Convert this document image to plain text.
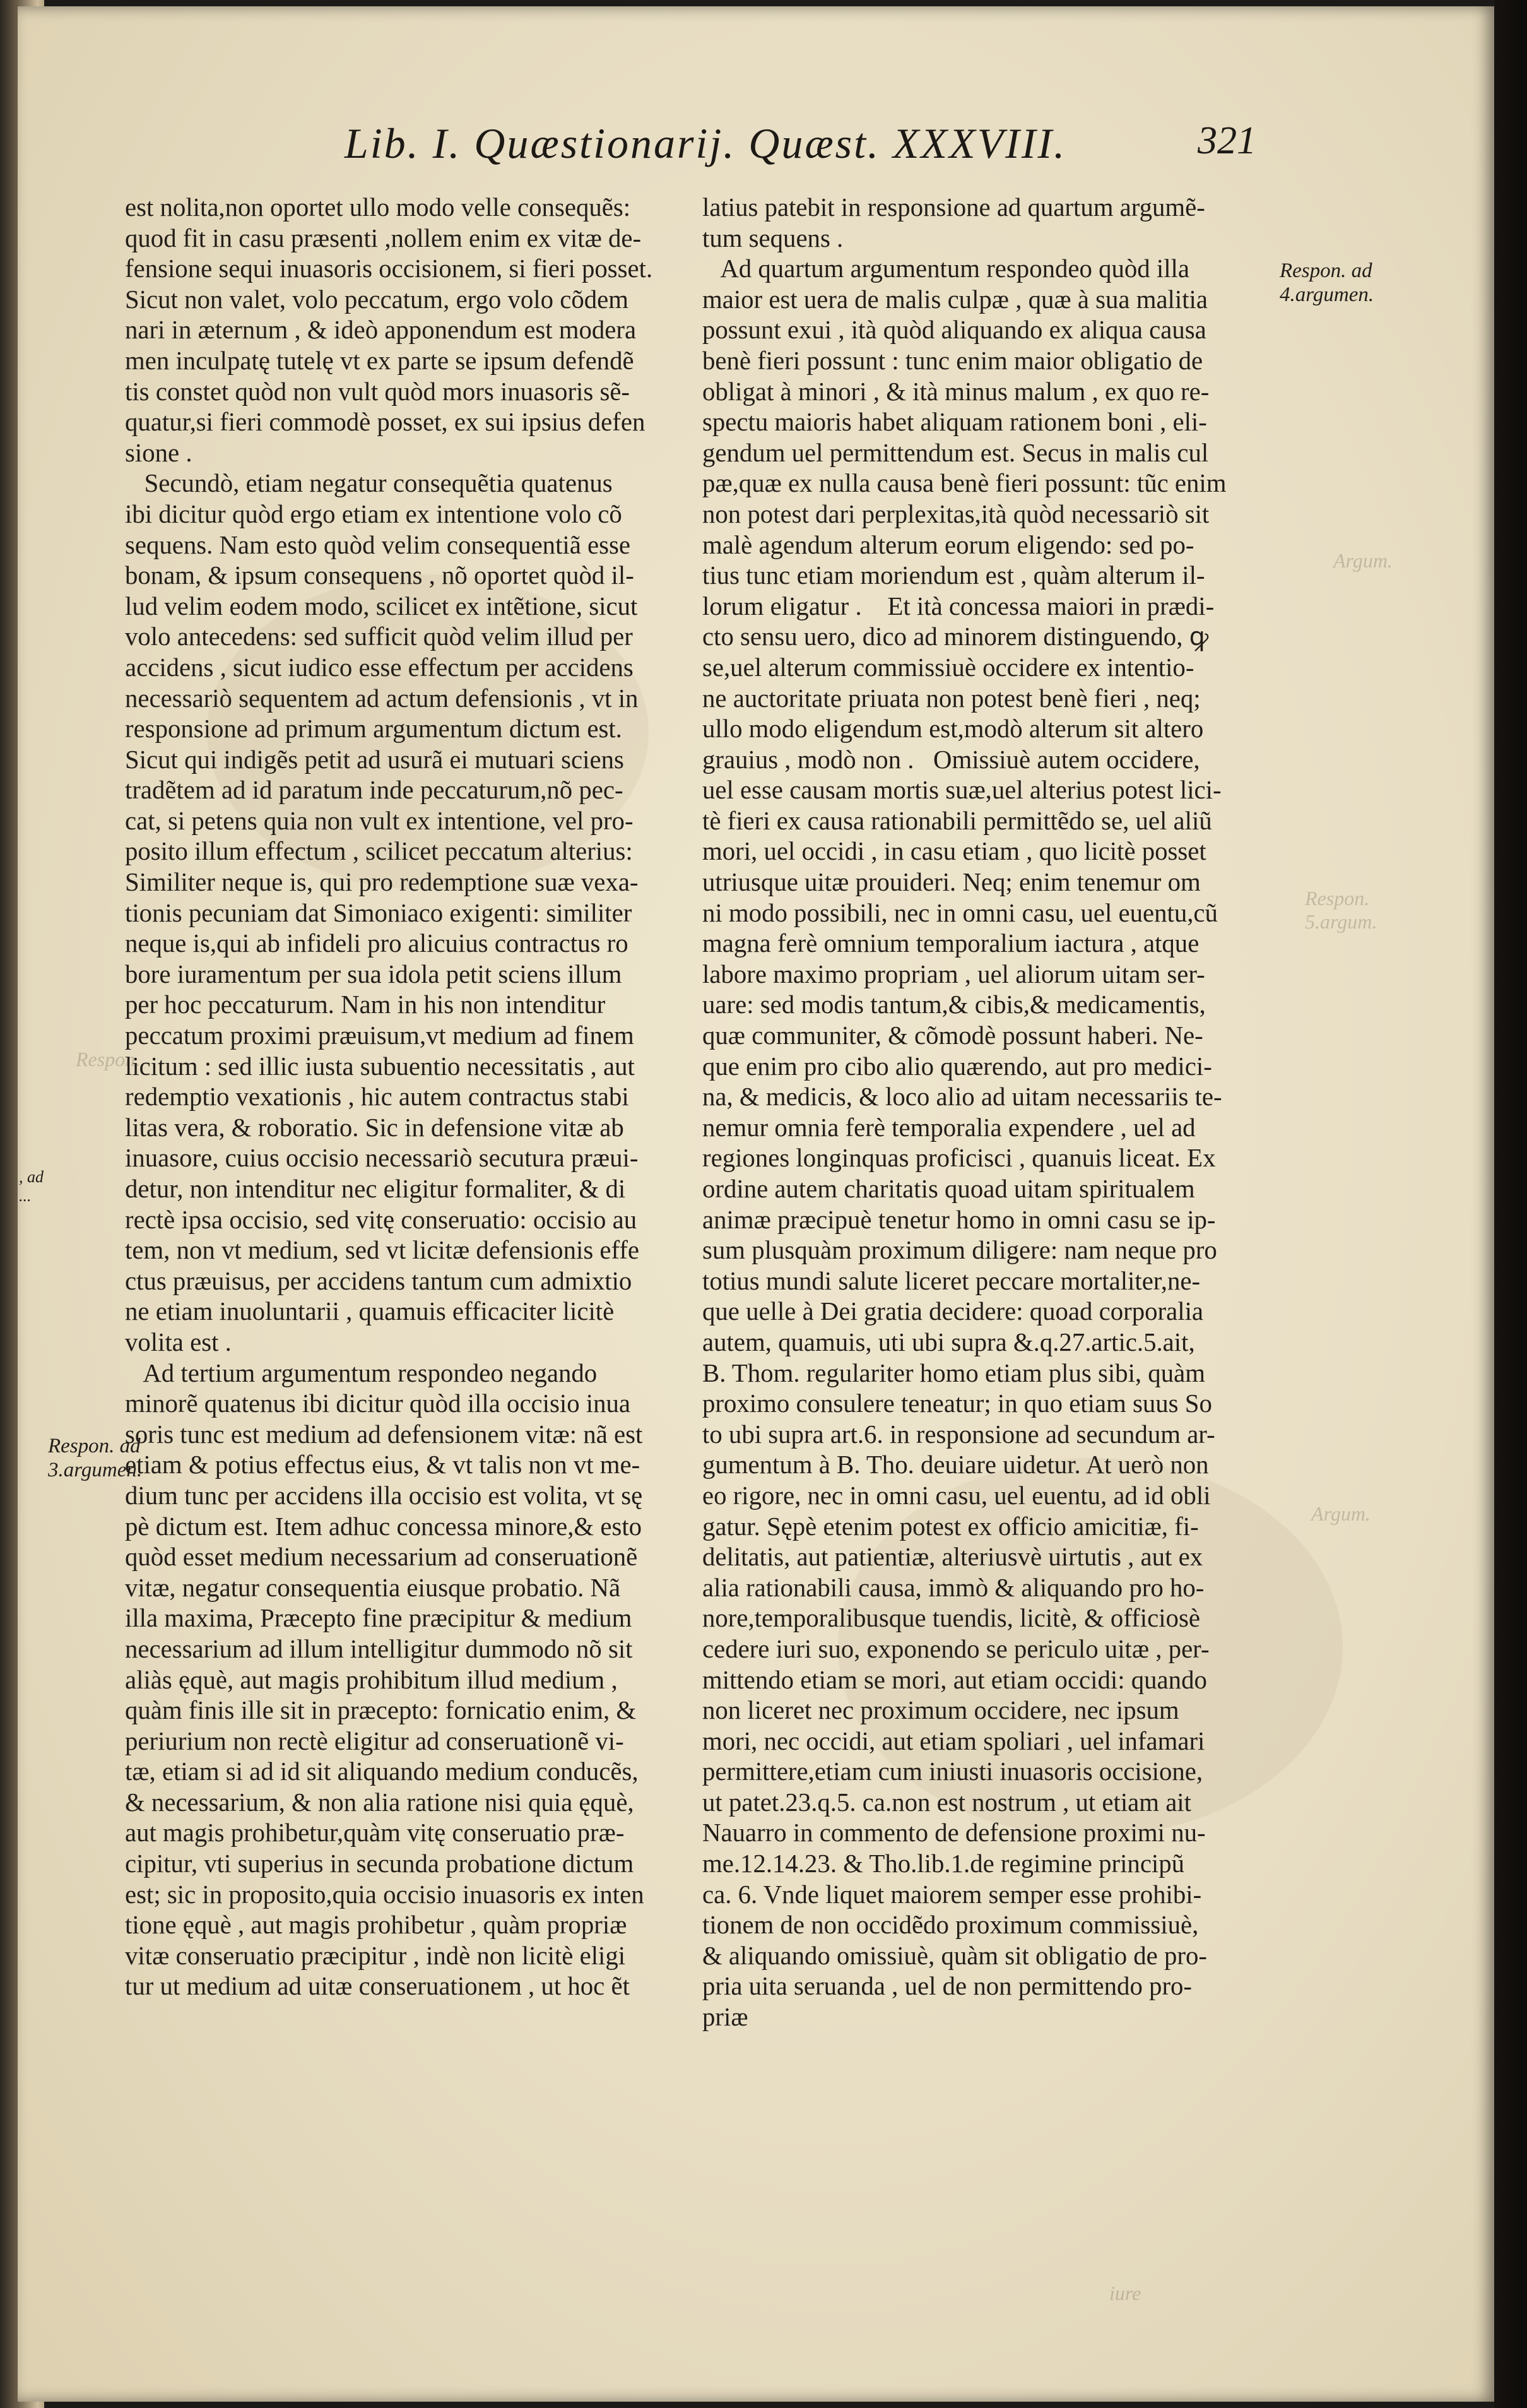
Lib. I. Quæstionarij. Quæst. XXXVIII.	321
est nolita,non oportet ullo modo velle consequẽs:
quod fit in casu præsenti ,nollem enim ex vitæ de-
fensione sequi inuasoris occisionem, si fieri posset.
Sicut non valet, volo peccatum, ergo volo cõdem
nari in æternum , & ideò apponendum est modera
men inculpatę tutelę vt ex parte se ipsum defendẽ
tis constet quòd non vult quòd mors inuasoris sẽ-
quatur,si fieri commodè posset, ex sui ipsius defen
sione .
Secundò, etiam negatur consequẽtia quatenus
ibi dicitur quòd ergo etiam ex intentione volo cõ
sequens. Nam esto quòd velim consequentiã esse
bonam, & ipsum consequens , nõ oportet quòd il-
lud velim eodem modo, scilicet ex intẽtione, sicut
volo antecedens: sed sufficit quòd velim illud per
accidens , sicut iudico esse effectum per accidens
necessariò sequentem ad actum defensionis , vt in
responsione ad primum argumentum dictum est.
Sicut qui indigẽs petit ad usurã ei mutuari sciens
tradẽtem ad id paratum inde peccaturum,nõ pec-
cat, si petens quia non vult ex intentione, vel pro-
posito illum effectum , scilicet peccatum alterius:
Similiter neque is, qui pro redemptione suæ vexa-
tionis pecuniam dat Simoniaco exigenti: similiter
neque is,qui ab infideli pro alicuius contractus ro
bore iuramentum per sua idola petit sciens illum
per hoc peccaturum. Nam in his non intenditur
peccatum proximi præuisum,vt medium ad finem
licitum : sed illic iusta subuentio necessitatis , aut
redemptio vexationis , hic autem contractus stabi
litas vera, & roboratio. Sic in defensione vitæ ab
inuasore, cuius occisio necessariò secutura præui-
detur, non intenditur nec eligitur formaliter, & di
rectè ipsa occisio, sed vitę conseruatio: occisio au
tem, non vt medium, sed vt licitæ defensionis effe
ctus præuisus, per accidens tantum cum admixtio
ne etiam inuoluntarii , quamuis efficaciter licitè
volita est .
Ad tertium argumentum respondeo negando
minorẽ quatenus ibi dicitur quòd illa occisio inua
soris tunc est medium ad defensionem vitæ: nã est
etiam & potius effectus eius, & vt talis non vt me-
dium tunc per accidens illa occisio est volita, vt sę
pè dictum est. Item adhuc concessa minore,& esto
quòd esset medium necessarium ad conseruationẽ
vitæ, negatur consequentia eiusque probatio. Nã
illa maxima, Præcepto fine præcipitur & medium
necessarium ad illum intelligitur dummodo nõ sit
aliàs ęquè, aut magis prohibitum illud medium ,
quàm finis ille sit in præcepto: fornicatio enim, &
periurium non rectè eligitur ad conseruationẽ vi-
tæ, etiam si ad id sit aliquando medium conducẽs,
& necessarium, & non alia ratione nisi quia ęquè,
aut magis prohibetur,quàm vitę conseruatio præ-
cipitur, vti superius in secunda probatione dictum
est; sic in proposito,quia occisio inuasoris ex inten
tione ęquè , aut magis prohibetur , quàm propriæ
vitæ conseruatio præcipitur , indè non licitè eligi
tur ut medium ad uitæ conseruationem , ut hoc ẽt
latius patebit in responsione ad quartum argumẽ-
tum sequens .
Ad quartum argumentum respondeo quòd illa
maior est uera de malis culpæ , quæ à sua malitia
possunt exui , ità quòd aliquando ex aliqua causa
benè fieri possunt : tunc enim maior obligatio de
obligat à minori , & ità minus malum , ex quo re-
spectu maioris habet aliquam rationem boni , eli-
gendum uel permittendum est. Secus in malis cul
pæ,quæ ex nulla causa benè fieri possunt: tũc enim
non potest dari perplexitas,ità quòd necessariò sit
malè agendum alterum eorum eligendo: sed po-
tius tunc etiam moriendum est , quàm alterum il-
lorum eligatur .    Et ità concessa maiori in prædi-
cto sensu uero, dico ad minorem distinguendo, ꝙ
se,uel alterum commissiuè occidere ex intentio-
ne auctoritate priuata non potest benè fieri , neq;
ullo modo eligendum est,modò alterum sit altero
grauius , modò non .   Omissiuè autem occidere,
uel esse causam mortis suæ,uel alterius potest lici-
tè fieri ex causa rationabili permittẽdo se, uel aliũ
mori, uel occidi , in casu etiam , quo licitè posset
utriusque uitæ prouideri. Neq; enim tenemur om
ni modo possibili, nec in omni casu, uel euentu,cũ
magna ferè omnium temporalium iactura , atque
labore maximo propriam , uel aliorum uitam ser-
uare: sed modis tantum,& cibis,& medicamentis,
quæ communiter, & cõmodè possunt haberi. Ne-
que enim pro cibo alio quærendo, aut pro medici-
na, & medicis, & loco alio ad uitam necessariis te-
nemur omnia ferè temporalia expendere , uel ad
regiones longinquas proficisci , quanuis liceat. Ex
ordine autem charitatis quoad uitam spiritualem
animæ præcipuè tenetur homo in omni casu se ip-
sum plusquàm proximum diligere: nam neque pro
totius mundi salute liceret peccare mortaliter,ne-
que uelle à Dei gratia decidere: quoad corporalia
autem, quamuis, uti ubi supra &.q.27.artic.5.ait,
B. Thom. regulariter homo etiam plus sibi, quàm
proximo consulere teneatur; in quo etiam suus So
to ubi supra art.6. in responsione ad secundum ar-
gumentum à B. Tho. deuiare uidetur. At uerò non
eo rigore, nec in omni casu, uel euentu, ad id obli
gatur. Sępè etenim potest ex officio amicitiæ, fi-
delitatis, aut patientiæ, alteriusvè uirtutis , aut ex
alia rationabili causa, immò & aliquando pro ho-
nore,temporalibusque tuendis, licitè, & officiosè
cedere iuri suo, exponendo se periculo uitæ , per-
mittendo etiam se mori, aut etiam occidi: quando
non liceret nec proximum occidere, nec ipsum
mori, nec occidi, aut etiam spoliari , uel infamari
permittere,etiam cum iniusti inuasoris occisione,
ut patet.23.q.5. ca.non est nostrum , ut etiam ait
Nauarro in commento de defensione proximi nu-
me.12.14.23. & Tho.lib.1.de regimine principũ
ca. 6. Vnde liquet maiorem semper esse prohibi-
tionem de non occidẽdo proximum commissiuè,
& aliquando omissiuè, quàm sit obligatio de pro-
pria uita seruanda , uel de non permittendo pro-
priæ
Respon. ad
3.argumen.
Respon. ad
4.argumen.
, ad
...
Argum.
Respon.
5.argum.
Argum.
Respon.
iure
